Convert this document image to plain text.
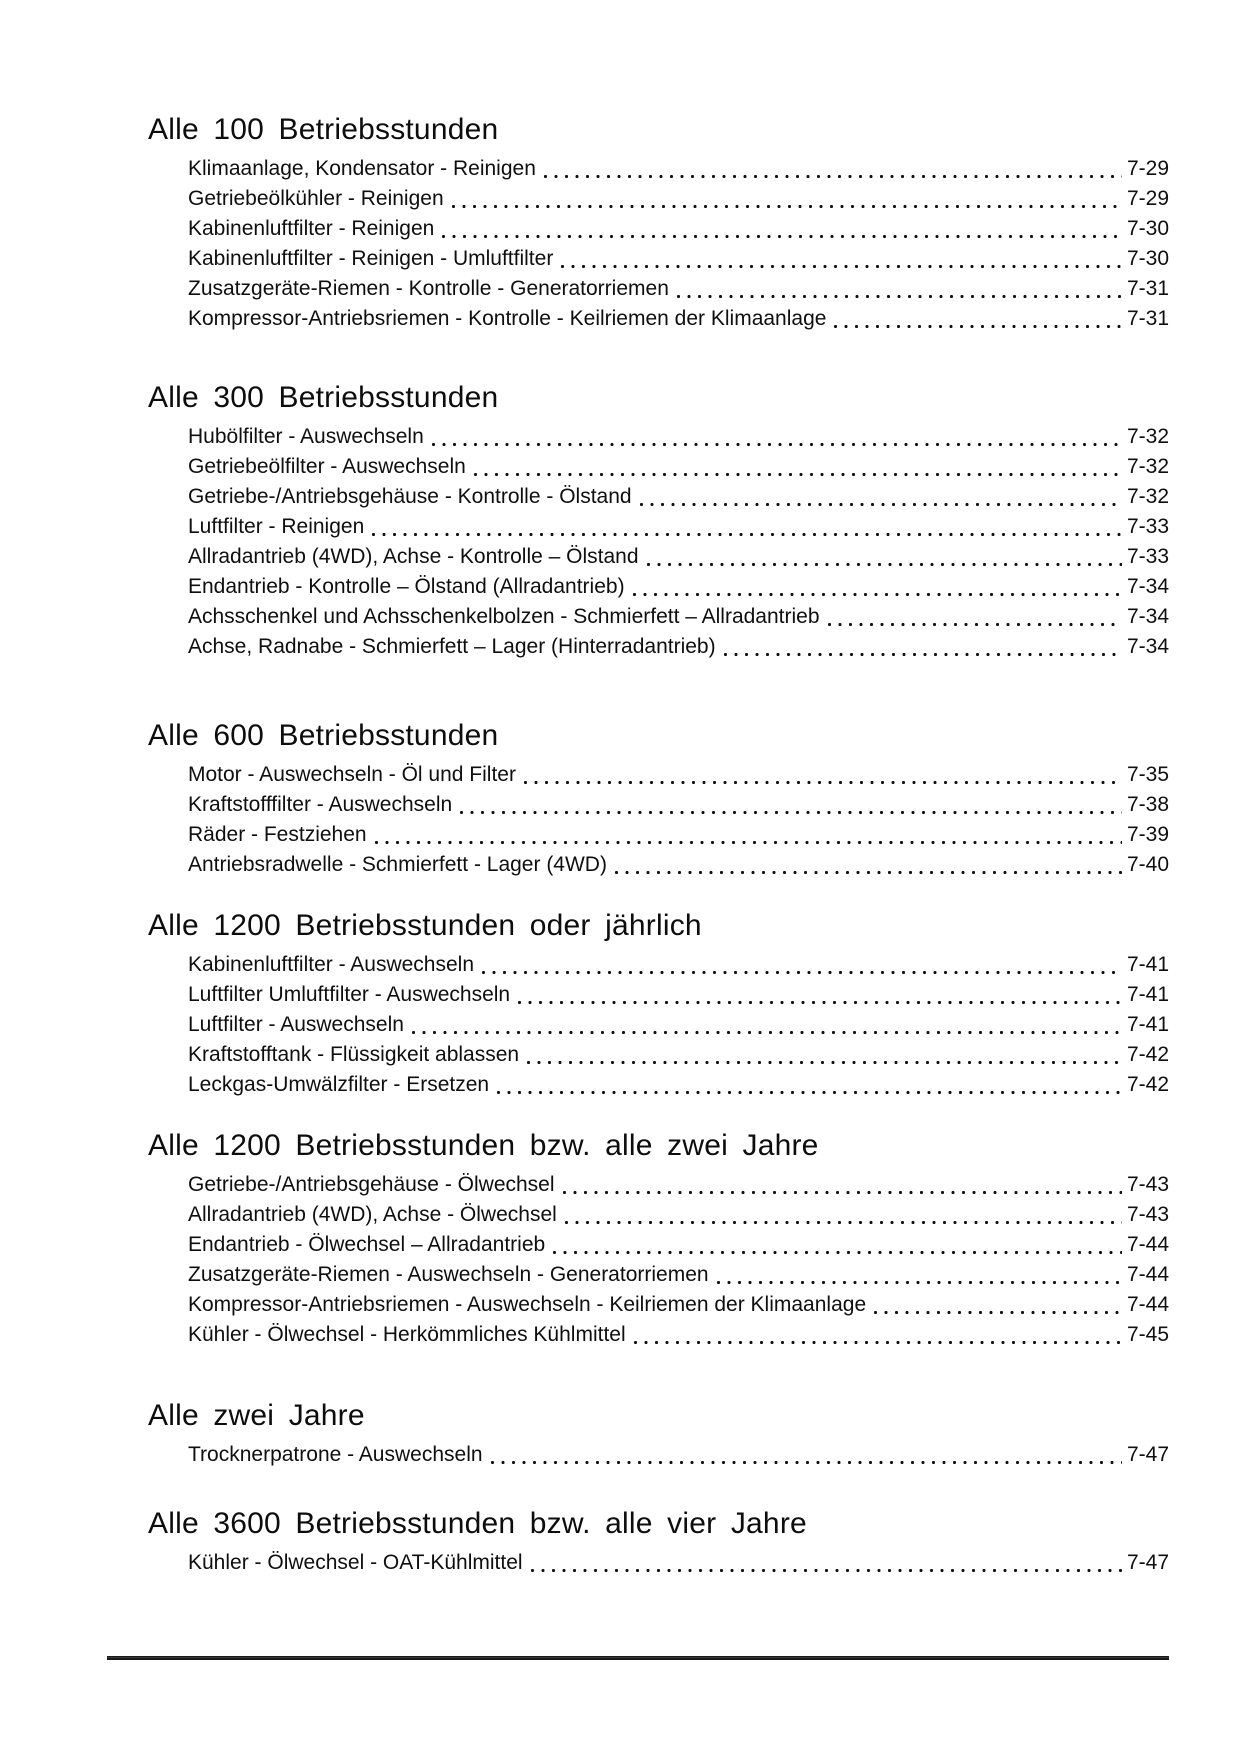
Alle 100 Betriebsstunden
Klimaanlage, Kondensator - Reinigen	7-29
Getriebeölkühler - Reinigen	7-29
Kabinenluftfilter - Reinigen	7-30
Kabinenluftfilter - Reinigen - Umluftfilter	7-30
Zusatzgeräte-Riemen - Kontrolle - Generatorriemen	7-31
Kompressor-Antriebsriemen - Kontrolle - Keilriemen der Klimaanlage	7-31
Alle 300 Betriebsstunden
Hubölfilter - Auswechseln	7-32
Getriebeölfilter - Auswechseln	7-32
Getriebe-/Antriebsgehäuse - Kontrolle - Ölstand	7-32
Luftfilter - Reinigen	7-33
Allradantrieb (4WD), Achse - Kontrolle – Ölstand	7-33
Endantrieb - Kontrolle – Ölstand (Allradantrieb)	7-34
Achsschenkel und Achsschenkelbolzen - Schmierfett – Allradantrieb	7-34
Achse, Radnabe - Schmierfett – Lager (Hinterradantrieb)	7-34
Alle 600 Betriebsstunden
Motor - Auswechseln - Öl und Filter	7-35
Kraftstofffilter - Auswechseln	7-38
Räder - Festziehen	7-39
Antriebsradwelle - Schmierfett - Lager (4WD)	7-40
Alle 1200 Betriebsstunden oder jährlich
Kabinenluftfilter - Auswechseln	7-41
Luftfilter Umluftfilter - Auswechseln	7-41
Luftfilter - Auswechseln	7-41
Kraftstofftank - Flüssigkeit ablassen	7-42
Leckgas-Umwälzfilter - Ersetzen	7-42
Alle 1200 Betriebsstunden bzw. alle zwei Jahre
Getriebe-/Antriebsgehäuse - Ölwechsel	7-43
Allradantrieb (4WD), Achse - Ölwechsel	7-43
Endantrieb - Ölwechsel – Allradantrieb	7-44
Zusatzgeräte-Riemen - Auswechseln - Generatorriemen	7-44
Kompressor-Antriebsriemen - Auswechseln - Keilriemen der Klimaanlage	7-44
Kühler - Ölwechsel - Herkömmliches Kühlmittel	7-45
Alle zwei Jahre
Trocknerpatrone - Auswechseln	7-47
Alle 3600 Betriebsstunden bzw. alle vier Jahre
Kühler - Ölwechsel - OAT-Kühlmittel	7-47
